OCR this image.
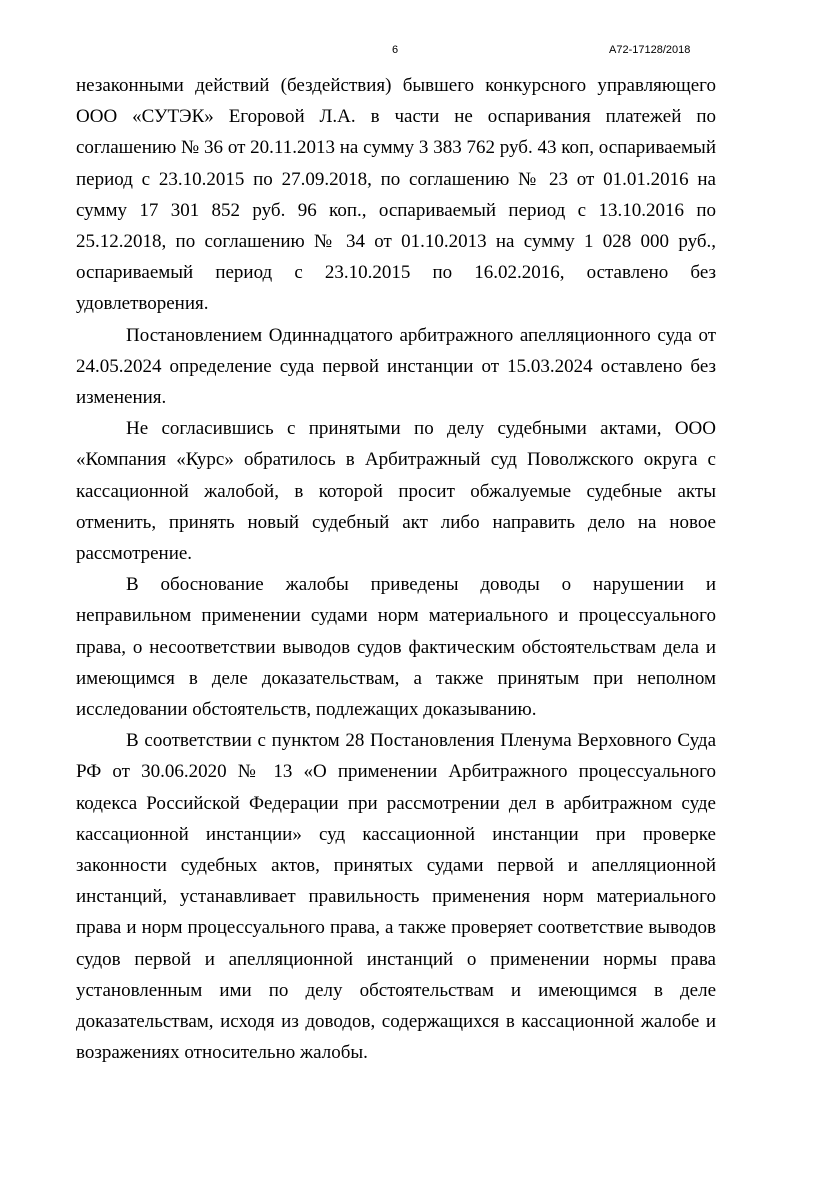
6	А72-17128/2018

незаконными действий (бездействия) бывшего конкурсного управляющего ООО «СУТЭК» Егоровой Л.А. в части не оспаривания платежей по соглашению № 36 от 20.11.2013 на сумму 3 383 762 руб. 43 коп, оспариваемый период с 23.10.2015 по 27.09.2018, по соглашению № 23 от 01.01.2016 на сумму 17 301 852 руб. 96 коп., оспариваемый период с 13.10.2016 по 25.12.2018, по соглашению № 34 от 01.10.2013 на сумму 1 028 000 руб., оспариваемый период с 23.10.2015 по 16.02.2016, оставлено без удовлетворения.

Постановлением Одиннадцатого арбитражного апелляционного суда от 24.05.2024 определение суда первой инстанции от 15.03.2024 оставлено без изменения.

Не согласившись с принятыми по делу судебными актами, ООО «Компания «Курс» обратилось в Арбитражный суд Поволжского округа с кассационной жалобой, в которой просит обжалуемые судебные акты отменить, принять новый судебный акт либо направить дело на новое рассмотрение.

В обоснование жалобы приведены доводы о нарушении и неправильном применении судами норм материального и процессуального права, о несоответствии выводов судов фактическим обстоятельствам дела и имеющимся в деле доказательствам, а также принятым при неполном исследовании обстоятельств, подлежащих доказыванию.

В соответствии с пунктом 28 Постановления Пленума Верховного Суда РФ от 30.06.2020 № 13 «О применении Арбитражного процессуального кодекса Российской Федерации при рассмотрении дел в арбитражном суде кассационной инстанции» суд кассационной инстанции при проверке законности судебных актов, принятых судами первой и апелляционной инстанций, устанавливает правильность применения норм материального права и норм процессуального права, а также проверяет соответствие выводов судов первой и апелляционной инстанций о применении нормы права установленным ими по делу обстоятельствам и имеющимся в деле доказательствам, исходя из доводов, содержащихся в кассационной жалобе и возражениях относительно жалобы.
